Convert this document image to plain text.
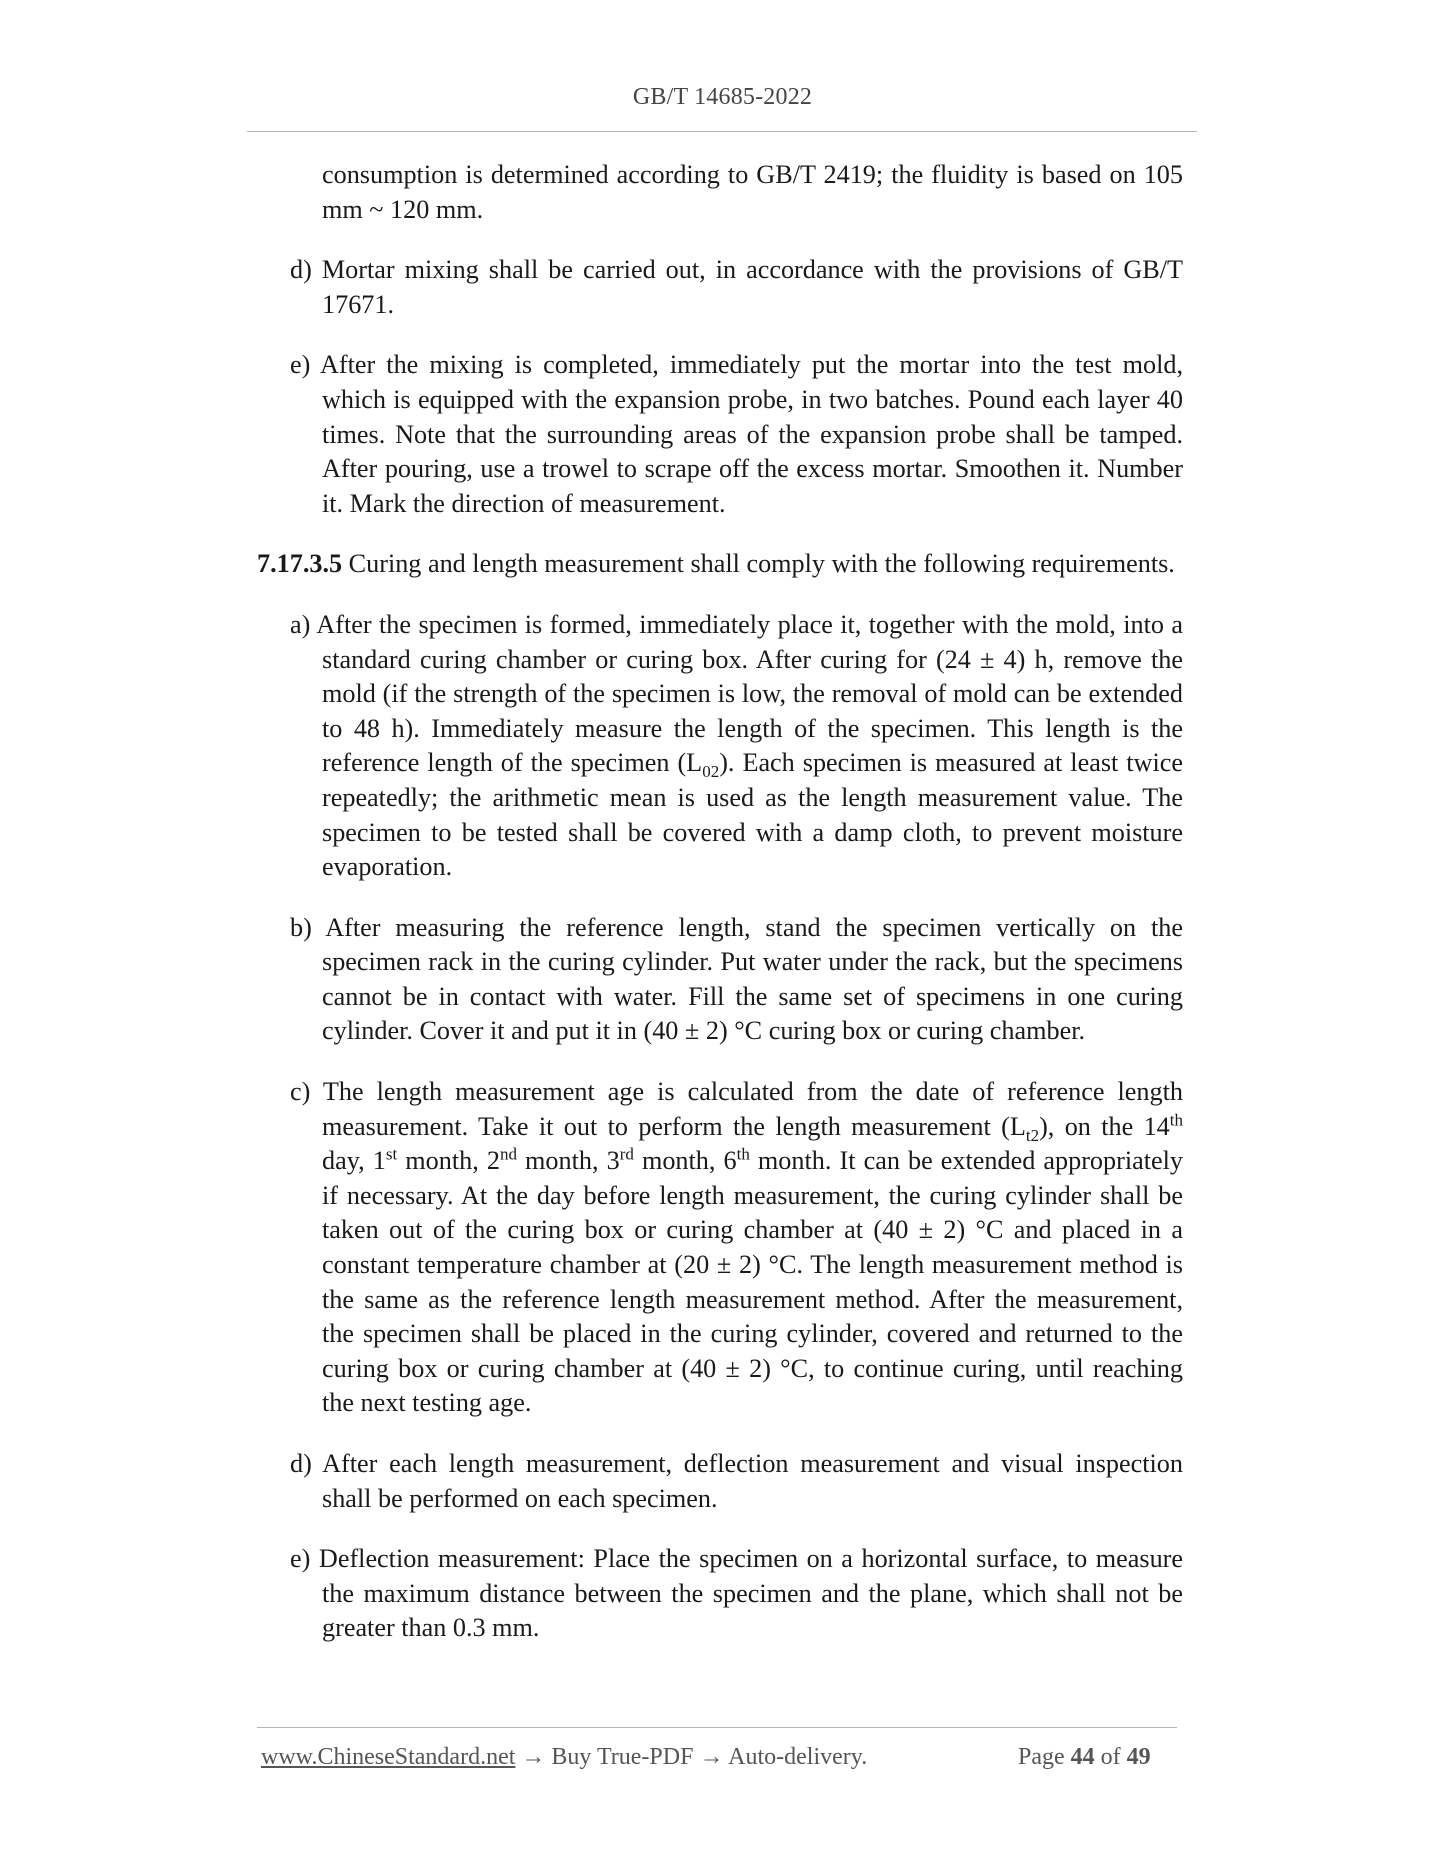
GB/T 14685-2022

consumption is determined according to GB/T 2419; the fluidity is based on 105 mm ~ 120 mm.

d) Mortar mixing shall be carried out, in accordance with the provisions of GB/T 17671.

e) After the mixing is completed, immediately put the mortar into the test mold, which is equipped with the expansion probe, in two batches. Pound each layer 40 times. Note that the surrounding areas of the expansion probe shall be tamped. After pouring, use a trowel to scrape off the excess mortar. Smoothen it. Number it. Mark the direction of measurement.

7.17.3.5 Curing and length measurement shall comply with the following requirements.

a) After the specimen is formed, immediately place it, together with the mold, into a standard curing chamber or curing box. After curing for (24 ± 4) h, remove the mold (if the strength of the specimen is low, the removal of mold can be extended to 48 h). Immediately measure the length of the specimen. This length is the reference length of the specimen $(L_{02})$. Each specimen is measured at least twice repeatedly; the arithmetic mean is used as the length measurement value. The specimen to be tested shall be covered with a damp cloth, to prevent moisture evaporation.

b) After measuring the reference length, stand the specimen vertically on the specimen rack in the curing cylinder. Put water under the rack, but the specimens cannot be in contact with water. Fill the same set of specimens in one curing cylinder. Cover it and put it in (40 ± 2) °C curing box or curing chamber.

c) The length measurement age is calculated from the date of reference length measurement. Take it out to perform the length measurement $(L_{t2})$, on the 14th day, 1st month, 2nd month, 3rd month, 6th month. It can be extended appropriately if necessary. At the day before length measurement, the curing cylinder shall be taken out of the curing box or curing chamber at (40 ± 2) °C and placed in a constant temperature chamber at (20 ± 2) °C. The length measurement method is the same as the reference length measurement method. After the measurement, the specimen shall be placed in the curing cylinder, covered and returned to the curing box or curing chamber at (40 ± 2) °C, to continue curing, until reaching the next testing age.

d) After each length measurement, deflection measurement and visual inspection shall be performed on each specimen.

e) Deflection measurement: Place the specimen on a horizontal surface, to measure the maximum distance between the specimen and the plane, which shall not be greater than 0.3 mm.

www.ChineseStandard.net → Buy True-PDF → Auto-delivery.	Page 44 of 49
